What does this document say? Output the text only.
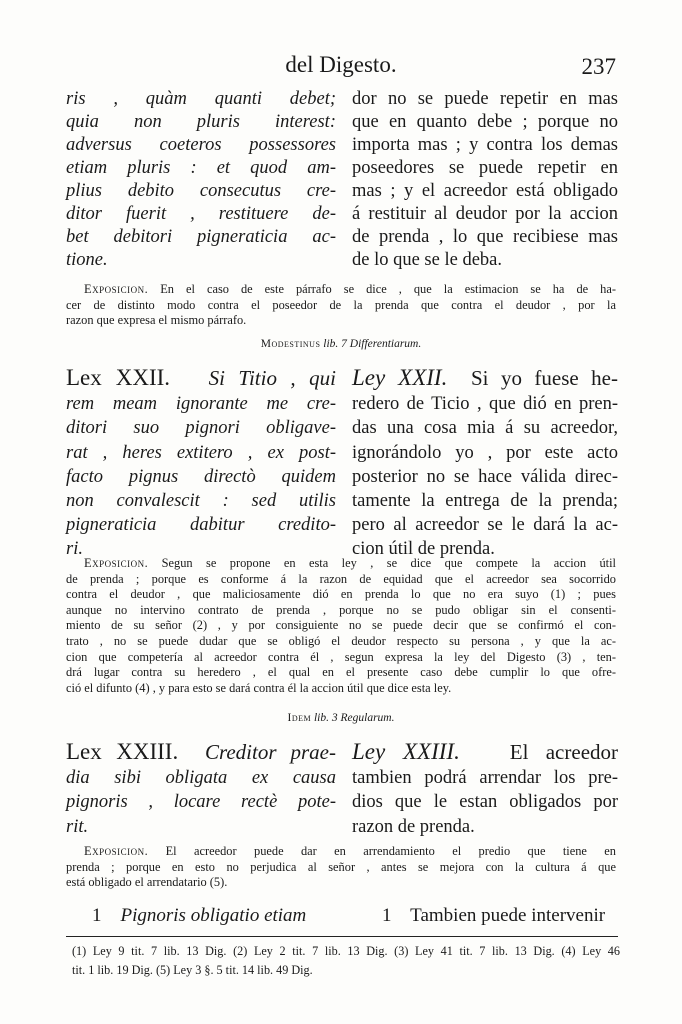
del Digesto.	237
ris , quàm quanti debet;
quia non pluris interest:
adversus coeteros possessores
etiam pluris : et quod am-
plius debito consecutus cre-
ditor fuerit , restituere de-
bet debitori pigneraticia ac-
tione.
dor no se puede repetir en mas
que en quanto debe ; porque no
importa mas ; y contra los demas
poseedores se puede repetir en
mas ; y el acreedor está obligado
á restituir al deudor por la accion
de prenda , lo que recibiese mas
de lo que se le deba.
Exposicion. En el caso de este párrafo se dice , que la estimacion se ha de ha-
cer de distinto modo contra el poseedor de la prenda que contra el deudor , por la
razon que expresa el mismo párrafo.
Modestinus lib. 7 Differentiarum.
Lex XXII. Si Titio , qui
rem meam ignorante me cre-
ditori suo pignori obligave-
rat , heres extitero , ex post-
facto pignus directò quidem
non convalescit : sed utilis
pigneraticia dabitur credito-
ri.
Ley XXII. Si yo fuese he-
redero de Ticio , que dió en pren-
das una cosa mia á su acreedor,
ignorándolo yo , por este acto
posterior no se hace válida direc-
tamente la entrega de la prenda;
pero al acreedor se le dará la ac-
cion útil de prenda.
Exposicion. Segun se propone en esta ley , se dice que compete la accion útil
de prenda ; porque es conforme á la razon de equidad que el acreedor sea socorrido
contra el deudor , que maliciosamente dió en prenda lo que no era suyo (1) ; pues
aunque no intervino contrato de prenda , porque no se pudo obligar sin el consenti-
miento de su señor (2) , y por consiguiente no se puede decir que se confirmó el con-
trato , no se puede dudar que se obligó el deudor respecto su persona , y que la ac-
cion que competería al acreedor contra él , segun expresa la ley del Digesto (3) , ten-
drá lugar contra su heredero , el qual en el presente caso debe cumplir lo que ofre-
ció el difunto (4) , y para esto se dará contra él la accion útil que dice esta ley.
Idem lib. 3 Regularum.
Lex XXIII. Creditor prae-
dia sibi obligata ex causa
pignoris , locare rectè pote-
rit.
Ley XXIII. El acreedor
tambien podrá arrendar los pre-
dios que le estan obligados por
razon de prenda.
Exposicion. El acreedor puede dar en arrendamiento el predio que tiene en
prenda ; porque en esto no perjudica al señor , antes se mejora con la cultura á que
está obligado el arrendatario (5).
1 Pignoris obligatio etiam	1 Tambien puede intervenir
(1) Ley 9 tit. 7 lib. 13 Dig. (2) Ley 2 tit. 7 lib. 13 Dig. (3) Ley 41 tit. 7 lib. 13 Dig. (4) Ley 46
tit. 1 lib. 19 Dig. (5) Ley 3 §. 5 tit. 14 lib. 49 Dig.
